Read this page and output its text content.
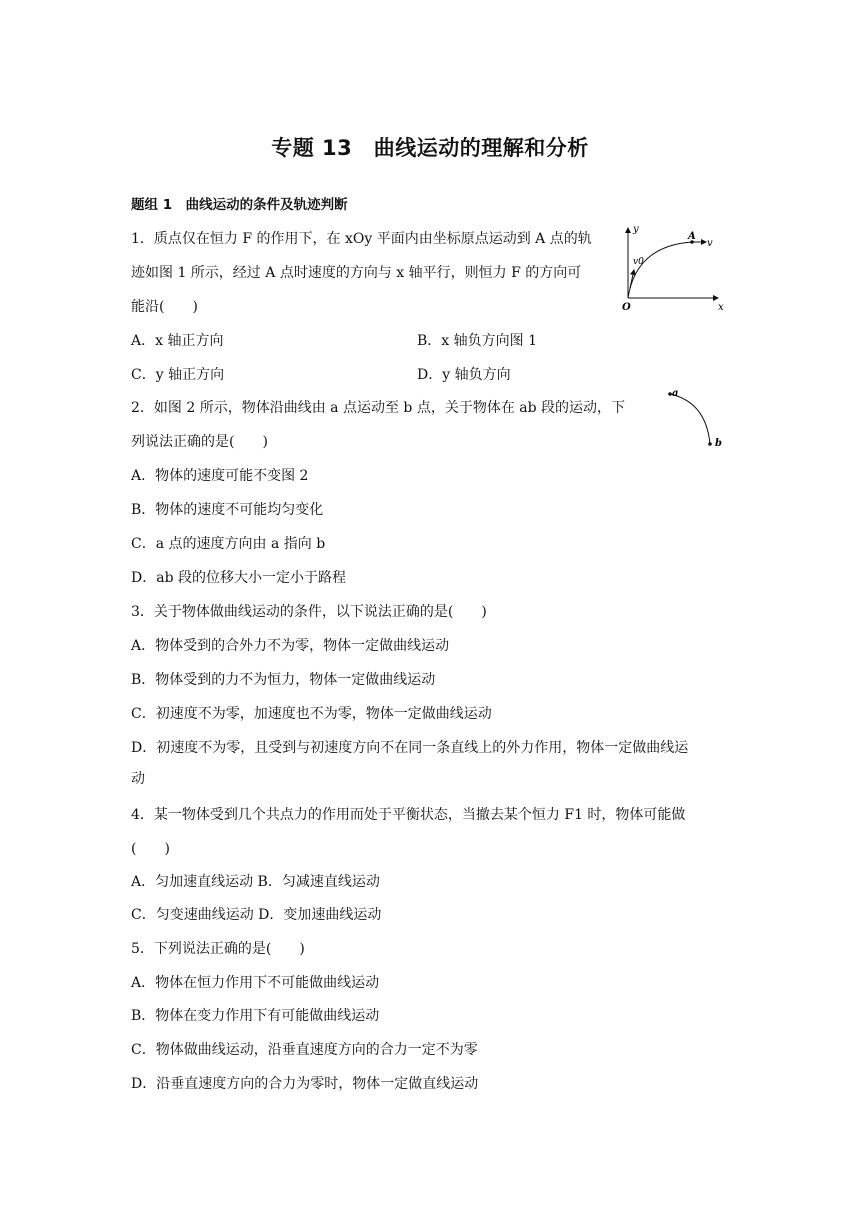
专题 13　曲线运动的理解和分析
题组 1　曲线运动的条件及轨迹判断
1．质点仅在恒力 F 的作用下，在 xOy 平面内由坐标原点运动到 A 点的轨
迹如图 1 所示，经过 A 点时速度的方向与 x 轴平行，则恒力 F 的方向可
能沿(　　)
A．x 轴正方向	B．x 轴负方向图 1
C．y 轴正方向	D．y 轴负方向
y
x
O
A
v
v0
2．如图 2 所示，物体沿曲线由 a 点运动至 b 点，关于物体在 ab 段的运动，下
列说法正确的是(　　)
A．物体的速度可能不变图 2
B．物体的速度不可能均匀变化
C．a 点的速度方向由 a 指向 b
D．ab 段的位移大小一定小于路程
a
b
3．关于物体做曲线运动的条件，以下说法正确的是(　　)
A．物体受到的合外力不为零，物体一定做曲线运动
B．物体受到的力不为恒力，物体一定做曲线运动
C．初速度不为零，加速度也不为零，物体一定做曲线运动
D．初速度不为零，且受到与初速度方向不在同一条直线上的外力作用，物体一定做曲线运
动
4．某一物体受到几个共点力的作用而处于平衡状态，当撤去某个恒力 F1 时，物体可能做
(　　)
A．匀加速直线运动 B．匀减速直线运动
C．匀变速曲线运动 D．变加速曲线运动
5．下列说法正确的是(　　)
A．物体在恒力作用下不可能做曲线运动
B．物体在变力作用下有可能做曲线运动
C．物体做曲线运动，沿垂直速度方向的合力一定不为零
D．沿垂直速度方向的合力为零时，物体一定做直线运动
